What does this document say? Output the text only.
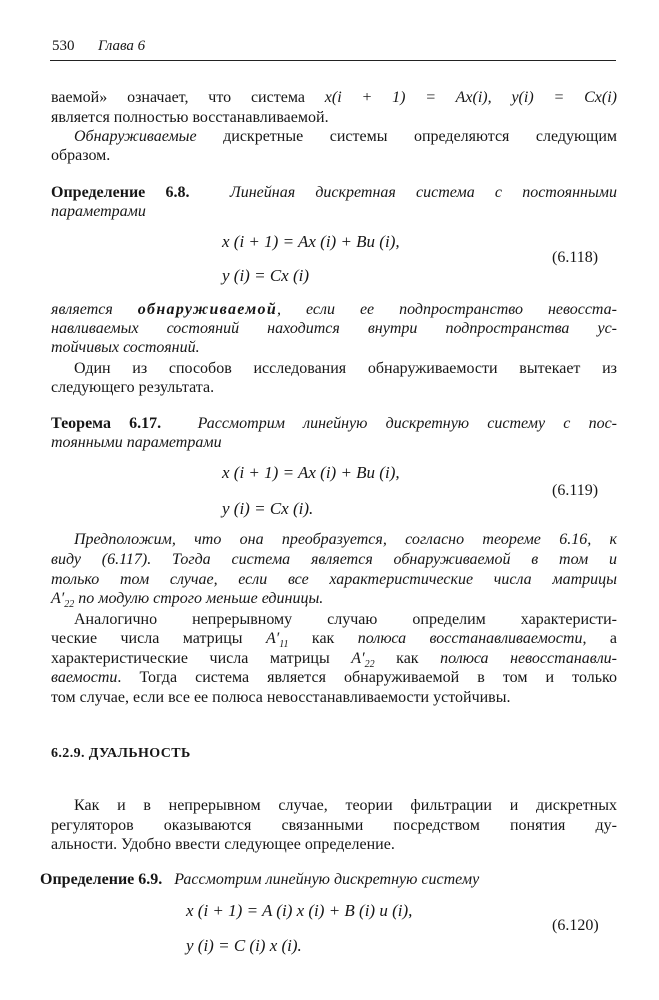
530 Глава 6
ваемой» означает, что система x(i + 1) = Ax(i), y(i) = Cx(i)
является полностью восстанавливаемой.
Обнаруживаемые дискретные системы определяются следующим
образом.
Определение 6.8.	Линейная дискретная система с постоянными
параметрами
x (i + 1) = Ax (i) + Bu (i),
y (i) = Cx (i)
(6.118)
является обнаруживаемой, если ее подпространство невосста-
навливаемых состояний находится внутри подпространства ус-
тойчивых состояний.
Один из способов исследования обнаруживаемости вытекает из
следующего результата.
Теорема 6.17. Рассмотрим линейную дискретную систему с пос-
тоянными параметрами
x (i + 1) = Ax (i) + Bu (i),
y (i) = Cx (i).
(6.119)
Предположим, что она преобразуется, согласно теореме 6.16, к
виду (6.117). Тогда система является обнаруживаемой в том и
только том случае, если все характеристические числа матрицы
$A'_{22}$ по модулю строго меньше единицы.
Аналогично непрерывному случаю определим характеристи-
ческие числа матрицы $A'_{11}$ как полюса восстанавливаемости, а
характеристические числа матрицы $A'_{22}$ как полюса невосстанавли-
ваемости. Тогда система является обнаруживаемой в том и только
том случае, если все ее полюса невосстанавливаемости устойчивы.
6.2.9. ДУАЛЬНОСТЬ
Как и в непрерывном случае, теории фильтрации и дискретных
регуляторов оказываются связанными посредством понятия ду-
альности. Удобно ввести следующее определение.
Определение 6.9. Рассмотрим линейную дискретную систему
x (i + 1) = A (i) x (i) + B (i) u (i),
y (i) = C (i) x (i).
(6.120)
